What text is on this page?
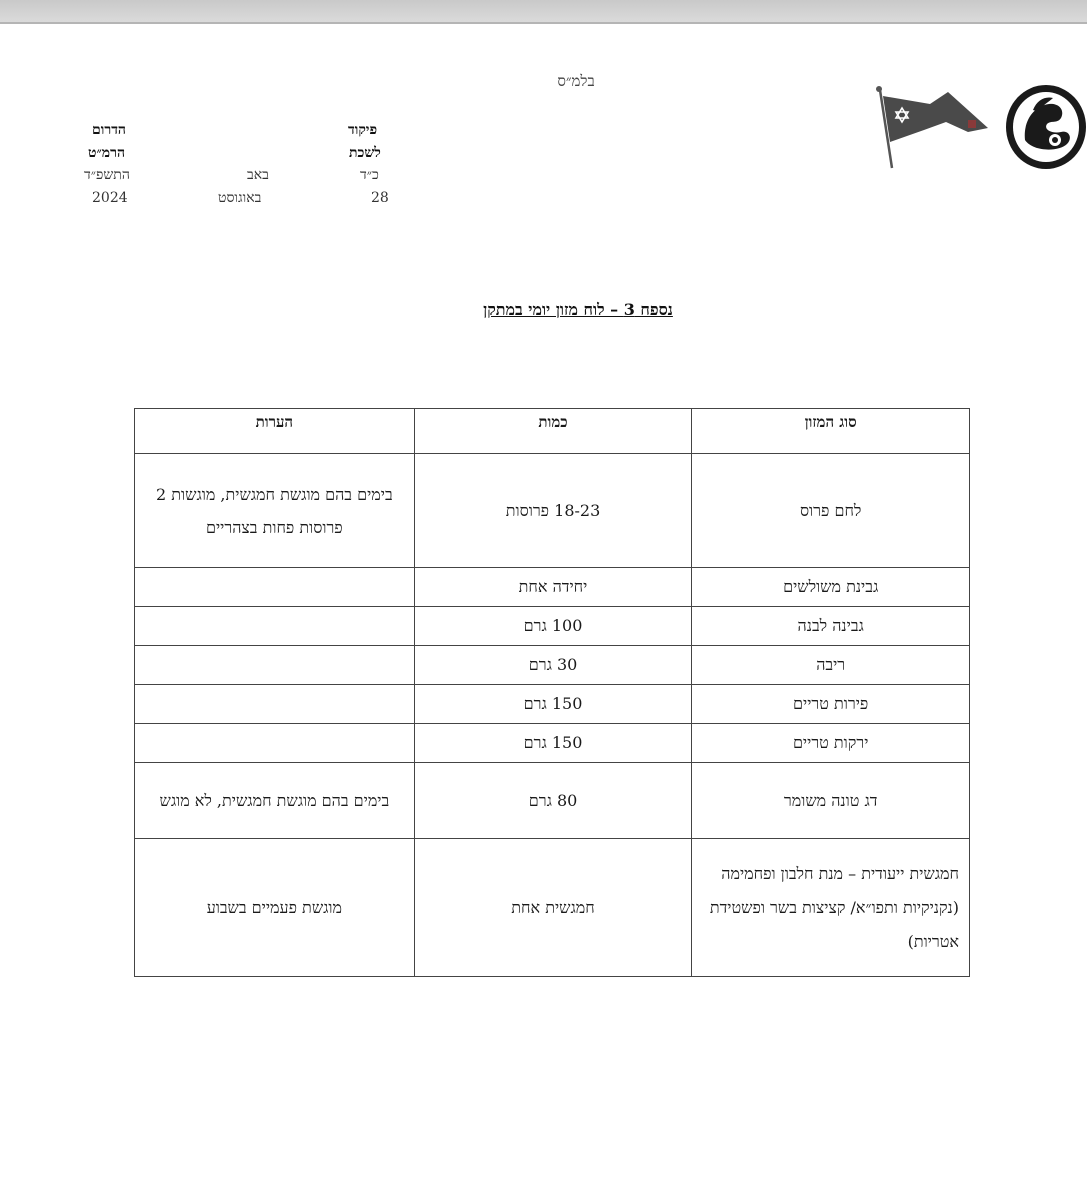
בלמ״ס
פיקוד
לשכת
כ״ד
28
באב
באוגוסט
הדרום
הרמ״ט
התשפ״ד
2024
נספח 3 – לוח מזון יומי במתקן
סוג המזון	כמות	הערות
לחם פרוס	18-23 פרוסות	בימים בהם מוגשת חמגשית, מוגשות 2 פרוסות פחות בצהריים
גבינת משולשים	יחידה אחת	
גבינה לבנה	100 גרם	
ריבה	30 גרם	
פירות טריים	150 גרם	
ירקות טריים	150 גרם	
דג טונה משומר	80 גרם	בימים בהם מוגשת חמגשית, לא מוגש
חמגשית ייעודית – מנת חלבון ופחמימה (נקניקיות ותפו״א/ קציצות בשר ופשטידת אטריות)	חמגשית אחת	מוגשת פעמיים בשבוע
